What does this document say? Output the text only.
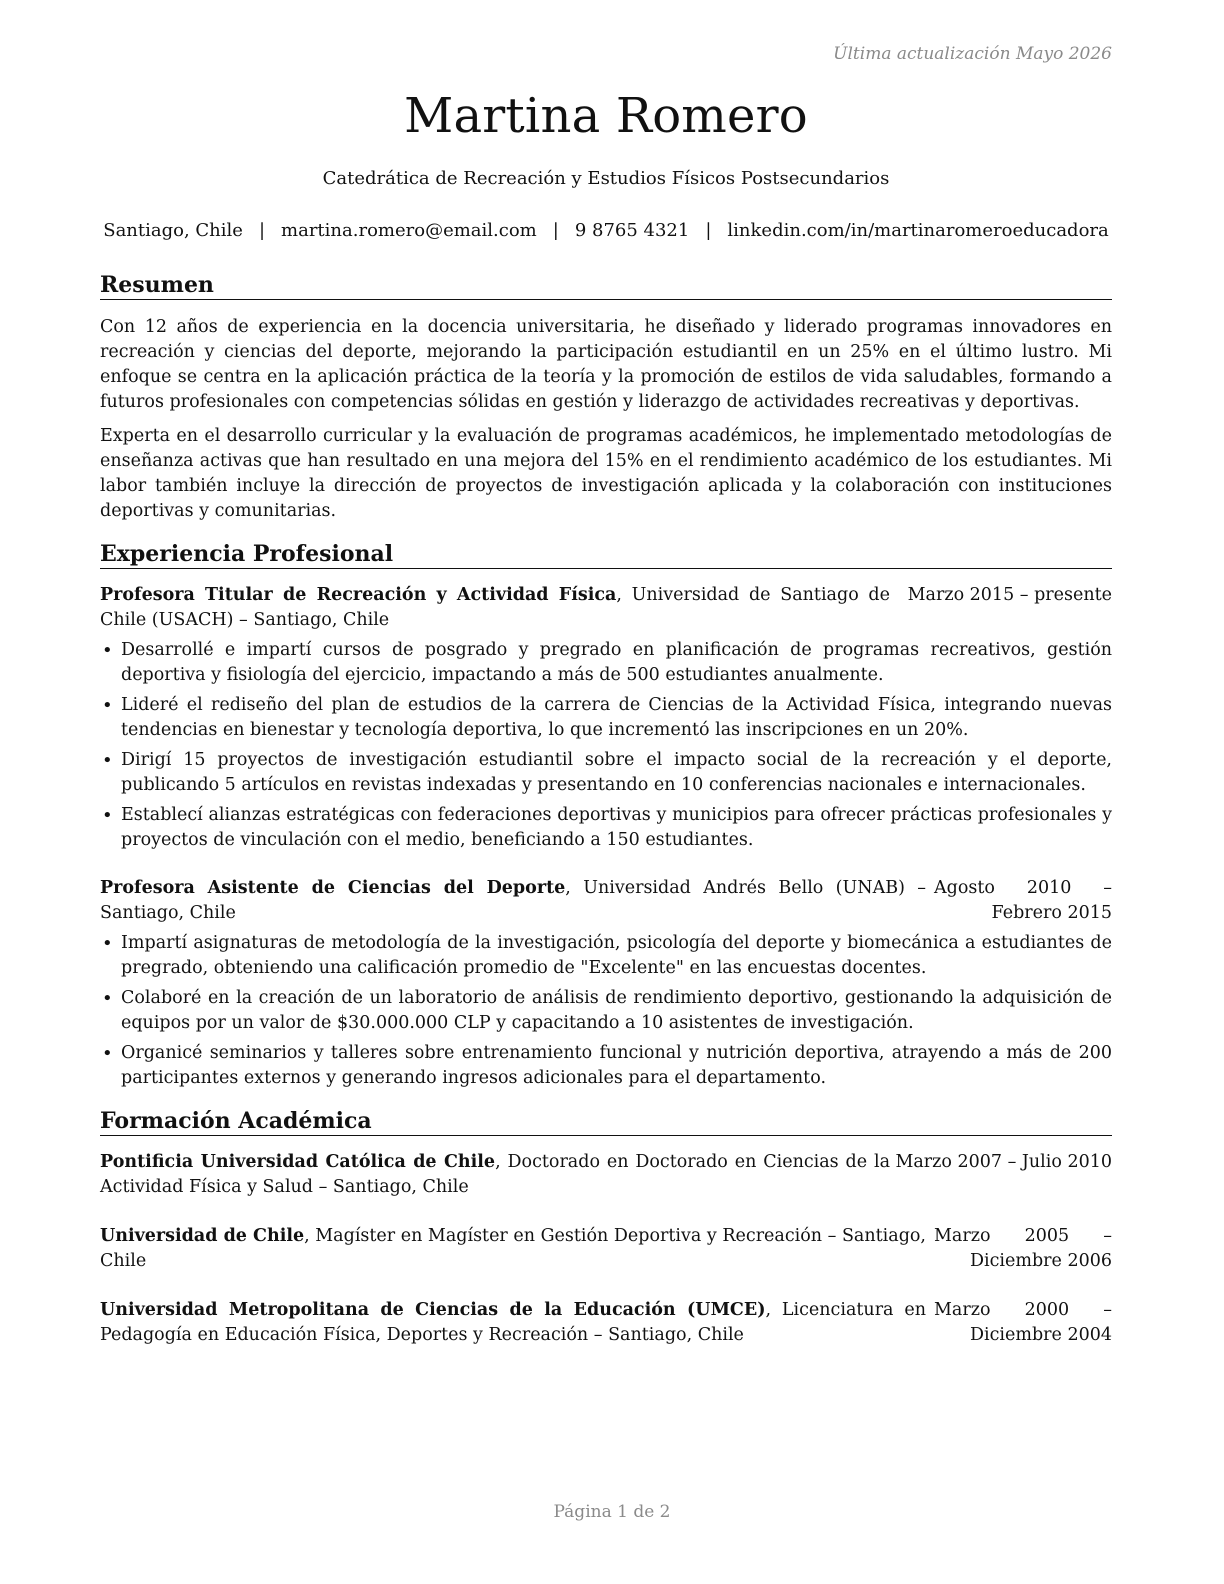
Última actualización Mayo 2026
Martina Romero
Catedrática de Recreación y Estudios Físicos Postsecundarios
Santiago, Chile | martina.romero@email.com | 9 8765 4321 | linkedin.com/in/martinaromeroeducadora
Resumen

Con 12 años de experiencia en la docencia universitaria, he diseñado y liderado programas innovadores en recreación y ciencias del deporte, mejorando la participación estudiantil en un 25% en el último lustro. Mi enfoque se centra en la aplicación práctica de la teoría y la promoción de estilos de vida saludables, formando a futuros profesionales con competencias sólidas en gestión y liderazgo de actividades recreativas y deportivas.

Experta en el desarrollo curricular y la evaluación de programas académicos, he implementado metodologías de enseñanza activas que han resultado en una mejora del 15% en el rendimiento académico de los estudiantes. Mi labor también incluye la dirección de proyectos de investigación aplicada y la colaboración con instituciones deportivas y comunitarias.

Experiencia Profesional
Profesora Titular de Recreación y Actividad Física, Universidad de Santiago de Chile (USACH) – Santiago, Chile
Marzo 2015 – presente
• Desarrollé e impartí cursos de posgrado y pregrado en planificación de programas recreativos, gestión deportiva y fisiología del ejercicio, impactando a más de 500 estudiantes anualmente.
• Lideré el rediseño del plan de estudios de la carrera de Ciencias de la Actividad Física, integrando nuevas tendencias en bienestar y tecnología deportiva, lo que incrementó las inscripciones en un 20%.
• Dirigí 15 proyectos de investigación estudiantil sobre el impacto social de la recreación y el deporte, publicando 5 artículos en revistas indexadas y presentando en 10 conferencias nacionales e internacionales.
• Establecí alianzas estratégicas con federaciones deportivas y municipios para ofrecer prácticas profesionales y proyectos de vinculación con el medio, beneficiando a 150 estudiantes.
Profesora Asistente de Ciencias del Deporte, Universidad Andrés Bello (UNAB) – Santiago, Chile
Agosto 2010 – Febrero 2015
• Impartí asignaturas de metodología de la investigación, psicología del deporte y biomecánica a estudiantes de pregrado, obteniendo una calificación promedio de "Excelente" en las encuestas docentes.
• Colaboré en la creación de un laboratorio de análisis de rendimiento deportivo, gestionando la adquisición de equipos por un valor de $30.000.000 CLP y capacitando a 10 asistentes de investigación.
• Organicé seminarios y talleres sobre entrenamiento funcional y nutrición deportiva, atrayendo a más de 200 participantes externos y generando ingresos adicionales para el departamento.
Formación Académica
Pontificia Universidad Católica de Chile, Doctorado en Doctorado en Ciencias de la Actividad Física y Salud – Santiago, Chile
Marzo 2007 – Julio 2010
Universidad de Chile, Magíster en Magíster en Gestión Deportiva y Recreación – Santiago, Chile
Marzo 2005 – Diciembre 2006
Universidad Metropolitana de Ciencias de la Educación (UMCE), Licenciatura en Pedagogía en Educación Física, Deportes y Recreación – Santiago, Chile
Marzo 2000 – Diciembre 2004
Página 1 de 2
